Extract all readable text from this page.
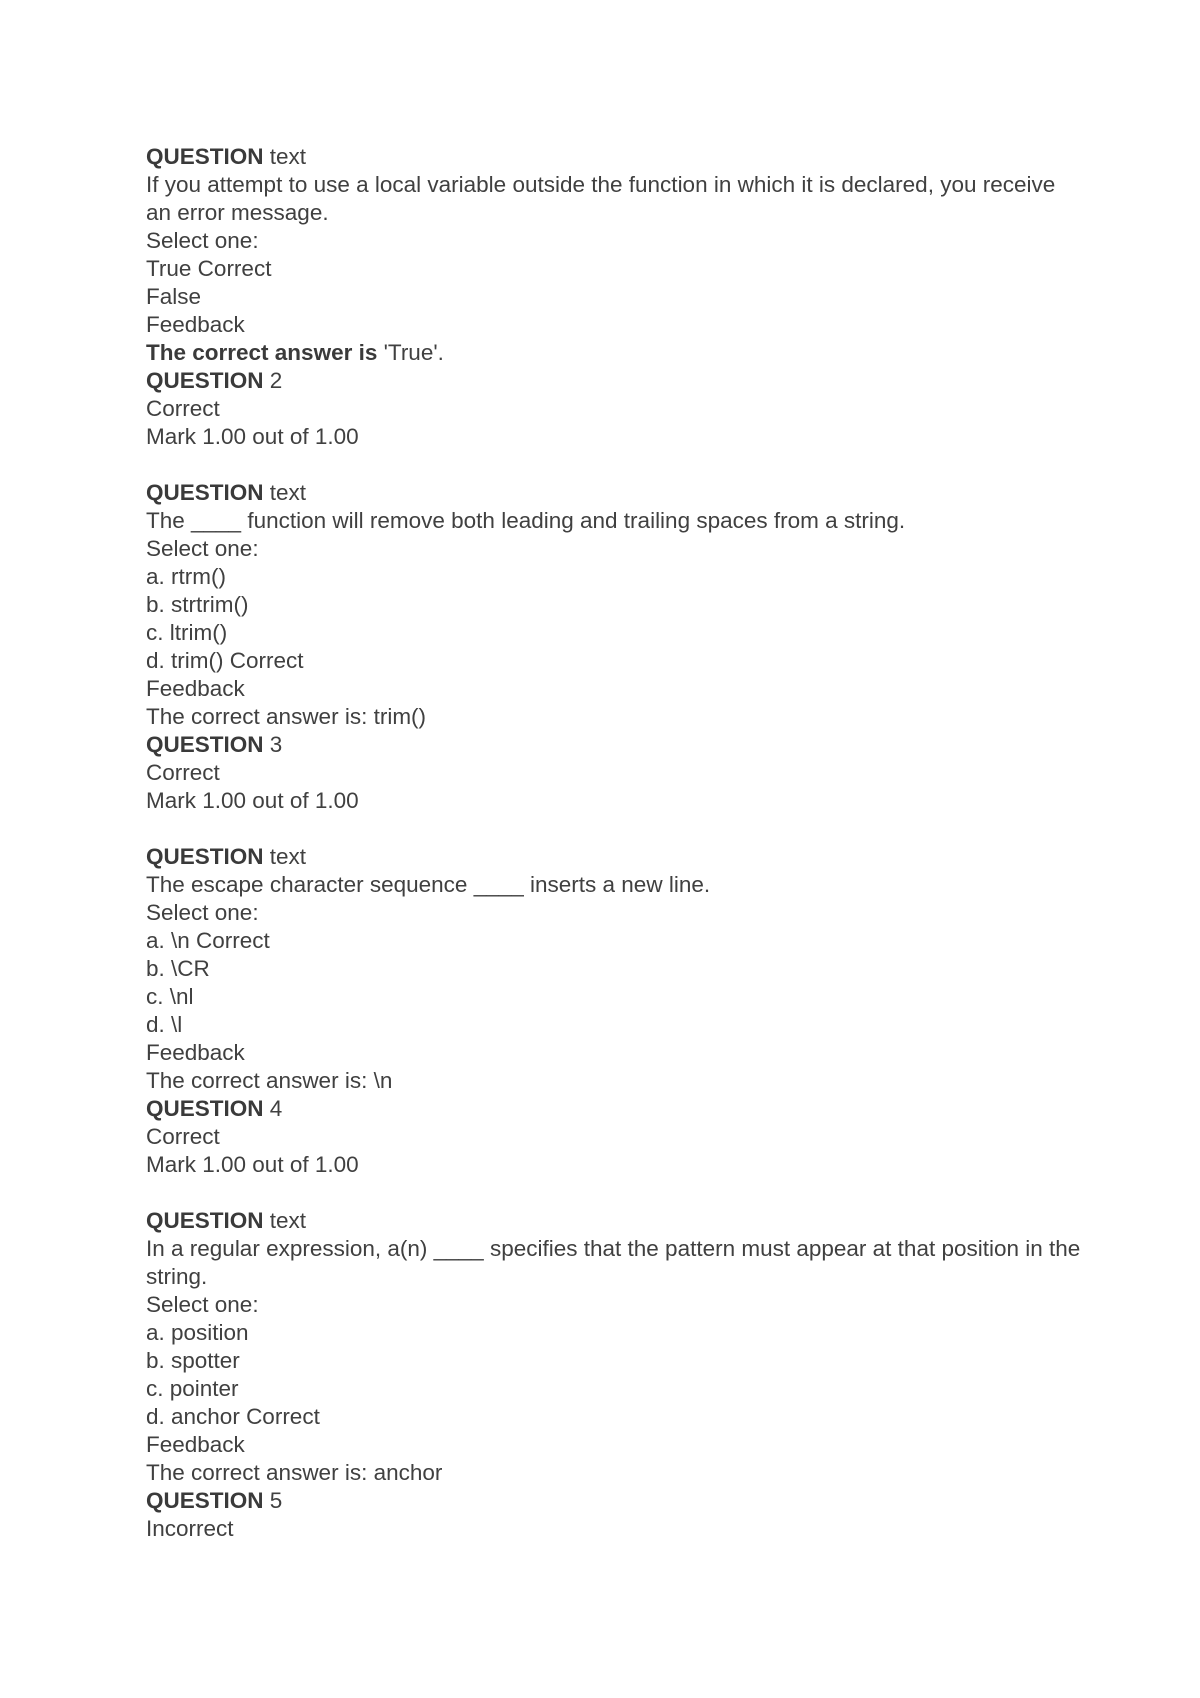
QUESTION text

If you attempt to use a local variable outside the function in which it is declared, you receive an error message.

Select one:

True Correct

False

Feedback

The correct answer is 'True'.

QUESTION 2

Correct

Mark 1.00 out of 1.00

QUESTION text

The ____ function will remove both leading and trailing spaces from a string.

Select one:

a. rtrm()

b. strtrim()

c. ltrim()

d. trim() Correct

Feedback

The correct answer is: trim()

QUESTION 3

Correct

Mark 1.00 out of 1.00

QUESTION text

The escape character sequence ____ inserts a new line.

Select one:

a. \n Correct

b. \CR

c. \nl

d. \l

Feedback

The correct answer is: \n

QUESTION 4

Correct

Mark 1.00 out of 1.00

QUESTION text

In a regular expression, a(n) ____ specifies that the pattern must appear at that position in the string.

Select one:

a. position

b. spotter

c. pointer

d. anchor Correct

Feedback

The correct answer is: anchor

QUESTION 5

Incorrect
